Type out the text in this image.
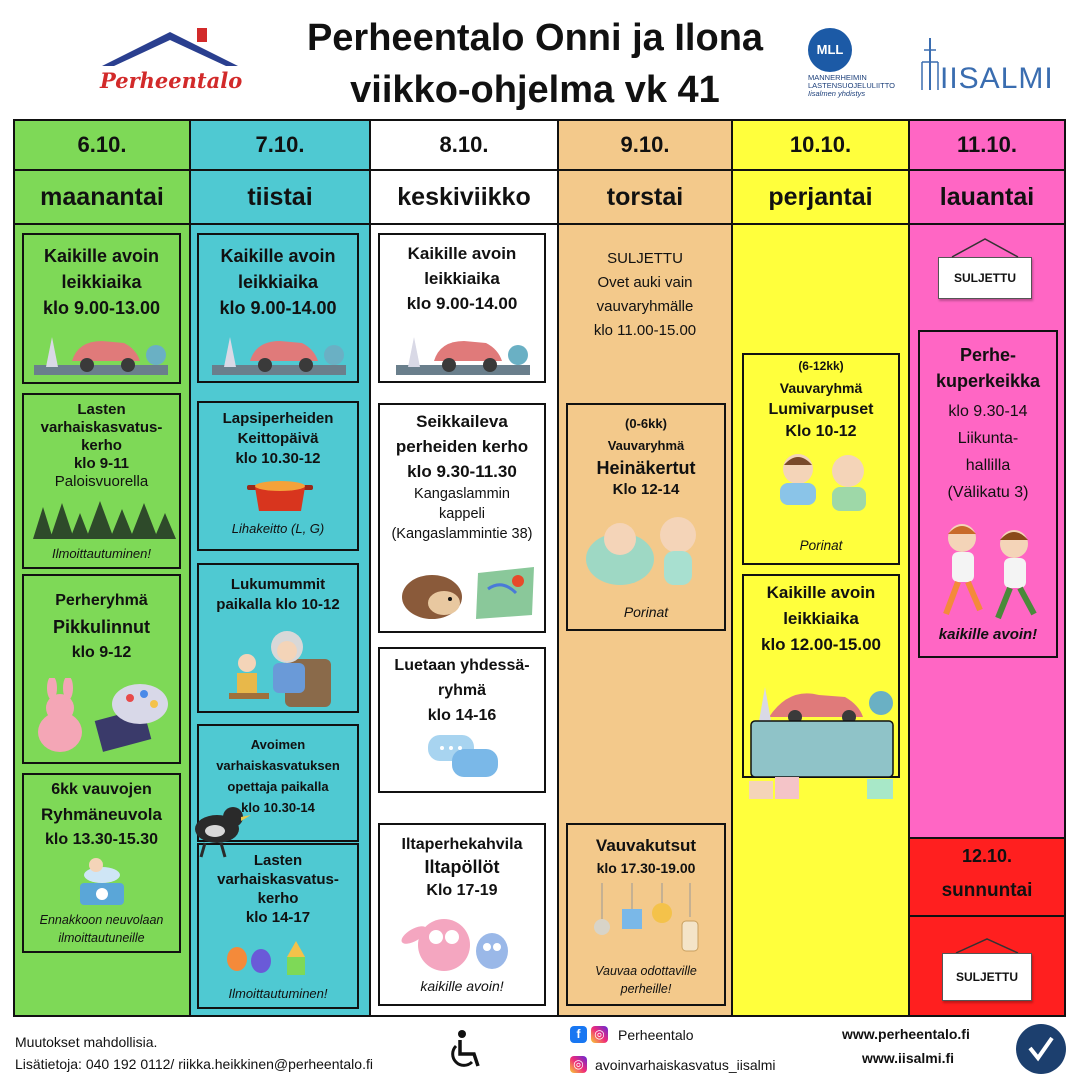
Perheentalo
Perheentalo Onni ja Ilona
viikko-ohjelma vk 41
MLL
MANNERHEIMIN
LASTENSUOJELULIITTO
Iisalmen yhdistys	IISALMI
6.10.
maanantai
Kaikille avoin
leikkiaika
klo 9.00-13.00
Lasten
varhaiskasvatus-
kerho
klo 9-11
Paloisvuorella
Ilmoittautuminen!
Perheryhmä
Pikkulinnut
klo 9-12
6kk vauvojen
Ryhmäneuvola
klo 13.30-15.30
Ennakkoon neuvolaan
ilmoittautuneille
7.10.
tiistai
Kaikille avoin
leikkiaika
klo 9.00-14.00
Lapsiperheiden
Keittopäivä
klo 10.30-12
Lihakeitto (L, G)
Lukumummit
paikalla klo 10-12
Avoimen
varhaiskasvatuksen
opettaja paikalla
klo 10.30-14
Lasten
varhaiskasvatus-
kerho
klo 14-17
Ilmoittautuminen!
8.10.
keskiviikko
Kaikille avoin
leikkiaika
klo 9.00-14.00
Seikkaileva
perheiden kerho
klo 9.30-11.30
Kangaslammin
kappeli
(Kangaslammintie 38)
Luetaan yhdessä-
ryhmä
klo 14-16
Iltaperhekahvila
Iltapöllöt
Klo 17-19
kaikille avoin!
9.10.
torstai
SULJETTU
Ovet auki vain
vauvaryhmälle
klo 11.00-15.00
(0-6kk)
Vauvaryhmä
Heinäkertut
Klo 12-14
Porinat
Vauvakutsut
klo 17.30-19.00
Vauvaa odottaville
perheille!
10.10.
perjantai
(6-12kk)
Vauvaryhmä
Lumivarpuset
Klo 10-12
Porinat
Kaikille avoin
leikkiaika
klo 12.00-15.00
11.10.
lauantai
SULJETTU
Perhe-
kuperkeikka
klo 9.30-14
Liikunta-
hallilla
(Välikatu 3)
kaikille avoin!
12.10.
sunnuntai
SULJETTU
Muutokset mahdollisia.
Lisätietoja: 040 192 0112/ riikka.heikkinen@perheentalo.fi
f	◎ Perheentalo
◎ avoinvarhaiskasvatus_iisalmi
www.perheentalo.fi
www.iisalmi.fi
